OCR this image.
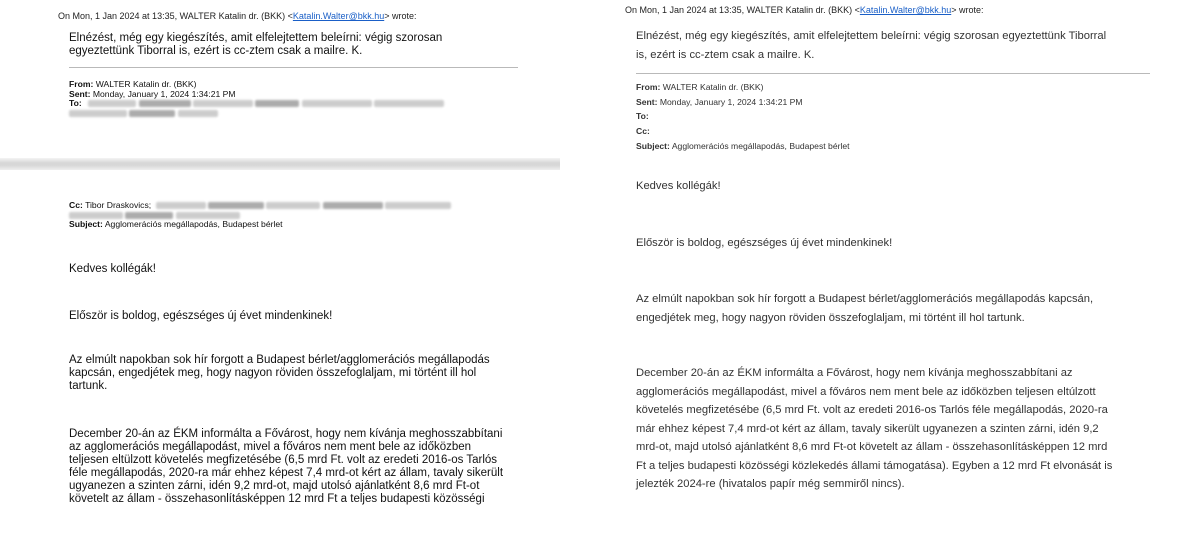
On Mon, 1 Jan 2024 at 13:35, WALTER Katalin dr. (BKK) <Katalin.Walter@bkk.hu> wrote:
Elnézést, még egy kiegészítés, amit elfelejtettem beleírni: végig szorosan
egyeztettünk Tiborral is, ezért is cc-ztem csak a mailre. K.
From: WALTER Katalin dr. (BKK)
Sent: Monday, January 1, 2024 1:34:21 PM
To:

Cc: Tibor Draskovics;

Subject: Agglomerációs megállapodás, Budapest bérlet
Kedves kollégák!
Először is boldog, egészséges új évet mindenkinek!
Az elmúlt napokban sok hír forgott a Budapest bérlet/agglomerációs megállapodás
kapcsán, engedjétek meg, hogy nagyon röviden összefoglaljam, mi történt ill hol
tartunk.
December 20-án az ÉKM informálta a Fővárost, hogy nem kívánja meghosszabbítani
az agglomerációs megállapodást, mivel a főváros nem ment bele az időközben
teljesen eltülzott követelés megfizetésébe (6,5 mrd Ft. volt az eredeti 2016-os Tarlós
féle megállapodás, 2020-ra már ehhez képest 7,4 mrd-ot kért az állam, tavaly sikerült
ugyanezen a szinten zárni, idén 9,2 mrd-ot, majd utolsó ajánlatként 8,6 mrd Ft-ot
követelt az állam - összehasonlításképpen 12 mrd Ft a teljes budapesti közösségi
On Mon, 1 Jan 2024 at 13:35, WALTER Katalin dr. (BKK) <Katalin.Walter@bkk.hu> wrote:
Elnézést, még egy kiegészítés, amit elfelejtettem beleírni: végig szorosan egyeztettünk Tiborral
is, ezért is cc-ztem csak a mailre. K.
From: WALTER Katalin dr. (BKK)
Sent: Monday, January 1, 2024 1:34:21 PM
To:
Cc:
Subject: Agglomerációs megállapodás, Budapest bérlet
Kedves kollégák!
Először is boldog, egészséges új évet mindenkinek!
Az elmúlt napokban sok hír forgott a Budapest bérlet/agglomerációs megállapodás kapcsán,
engedjétek meg, hogy nagyon röviden összefoglaljam, mi történt ill hol tartunk.
December 20-án az ÉKM informálta a Fővárost, hogy nem kívánja meghosszabbítani az
agglomerációs megállapodást, mivel a főváros nem ment bele az időközben teljesen eltúlzott
követelés megfizetésébe (6,5 mrd Ft. volt az eredeti 2016-os Tarlós féle megállapodás, 2020-ra
már ehhez képest 7,4 mrd-ot kért az állam, tavaly sikerült ugyanezen a szinten zárni, idén 9,2
mrd-ot, majd utolsó ajánlatként 8,6 mrd Ft-ot követelt az állam - összehasonlításképpen 12 mrd
Ft a teljes budapesti közösségi közlekedés állami támogatása). Egyben a 12 mrd Ft elvonását is
jelezték 2024-re (hivatalos papír még semmiről nincs).
